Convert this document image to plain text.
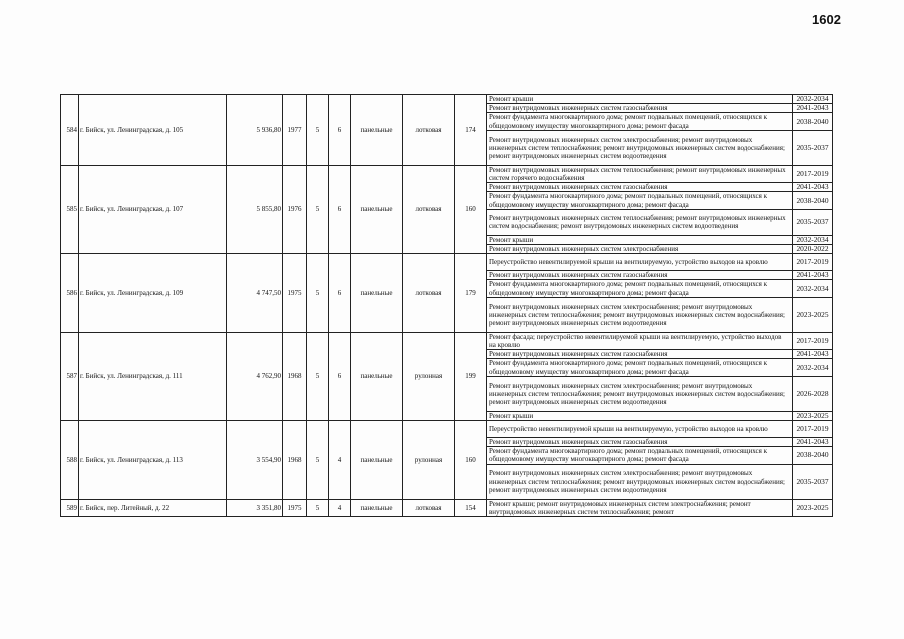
1602
584	г. Бийск, ул. Ленинградская, д. 105	5 936,80	1977	5	6	панельные	лотковая	174	Ремонт крыши	2032-2034
									Ремонт внутридомовых инженерных систем газоснабжения	2041-2043
									Ремонт фундамента многоквартирного дома; ремонт подвальных помещений, относящихся к общедомовому имуществу многоквартирного дома; ремонт фасада	2038-2040
									Ремонт внутридомовых инженерных систем электроснабжения; ремонт внутридомовых инженерных систем теплоснабжения; ремонт внутридомовых инженерных систем водоснабжения; ремонт внутридомовых инженерных систем водоотведения	2035-2037
585	г. Бийск, ул. Ленинградская, д. 107	5 855,80	1976	5	6	панельные	лотковая	160	Ремонт внутридомовых инженерных систем теплоснабжения; ремонт внутридомовых инженерных систем горячего водоснабжения	2017-2019
									Ремонт внутридомовых инженерных систем газоснабжения	2041-2043
									Ремонт фундамента многоквартирного дома; ремонт подвальных помещений, относящихся к общедомовому имуществу многоквартирного дома; ремонт фасада	2038-2040
									Ремонт внутридомовых инженерных систем теплоснабжения; ремонт внутридомовых инженерных систем водоснабжения; ремонт внутридомовых инженерных систем водоотведения	2035-2037
									Ремонт крыши	2032-2034
									Ремонт внутридомовых инженерных систем электроснабжения	2020-2022
586	г. Бийск, ул. Ленинградская, д. 109	4 747,50	1975	5	6	панельные	лотковая	179	Переустройство невентилируемой крыши на вентилируемую, устройство выходов на кровлю	2017-2019
									Ремонт внутридомовых инженерных систем газоснабжения	2041-2043
									Ремонт фундамента многоквартирного дома; ремонт подвальных помещений, относящихся к общедомовому имуществу многоквартирного дома; ремонт фасада	2032-2034
									Ремонт внутридомовых инженерных систем электроснабжения; ремонт внутридомовых инженерных систем теплоснабжения; ремонт внутридомовых инженерных систем водоснабжения; ремонт внутридомовых инженерных систем водоотведения	2023-2025
587	г. Бийск, ул. Ленинградская, д. 111	4 762,90	1968	5	6	панельные	рулонная	199	Ремонт фасада; переустройство невентилируемой крыши на вентилируемую, устройство выходов на кровлю	2017-2019
									Ремонт внутридомовых инженерных систем газоснабжения	2041-2043
									Ремонт фундамента многоквартирного дома; ремонт подвальных помещений, относящихся к общедомовому имуществу многоквартирного дома; ремонт фасада	2032-2034
									Ремонт внутридомовых инженерных систем электроснабжения; ремонт внутридомовых инженерных систем теплоснабжения; ремонт внутридомовых инженерных систем водоснабжения; ремонт внутридомовых инженерных систем водоотведения	2026-2028
									Ремонт крыши	2023-2025
588	г. Бийск, ул. Ленинградская, д. 113	3 554,90	1968	5	4	панельные	рулонная	160	Переустройство невентилируемой крыши на вентилируемую, устройство выходов на кровлю	2017-2019
									Ремонт внутридомовых инженерных систем газоснабжения	2041-2043
									Ремонт фундамента многоквартирного дома; ремонт подвальных помещений, относящихся к общедомовому имуществу многоквартирного дома; ремонт фасада	2038-2040
									Ремонт внутридомовых инженерных систем электроснабжения; ремонт внутридомовых инженерных систем теплоснабжения; ремонт внутридомовых инженерных систем водоснабжения; ремонт внутридомовых инженерных систем водоотведения	2035-2037
589	г. Бийск, пер. Литейный, д. 22	3 351,80	1975	5	4	панельные	лотковая	154	Ремонт крыши; ремонт внутридомовых инженерных систем электроснабжения; ремонт внутридомовых инженерных систем теплоснабжения; ремонт	2023-2025
